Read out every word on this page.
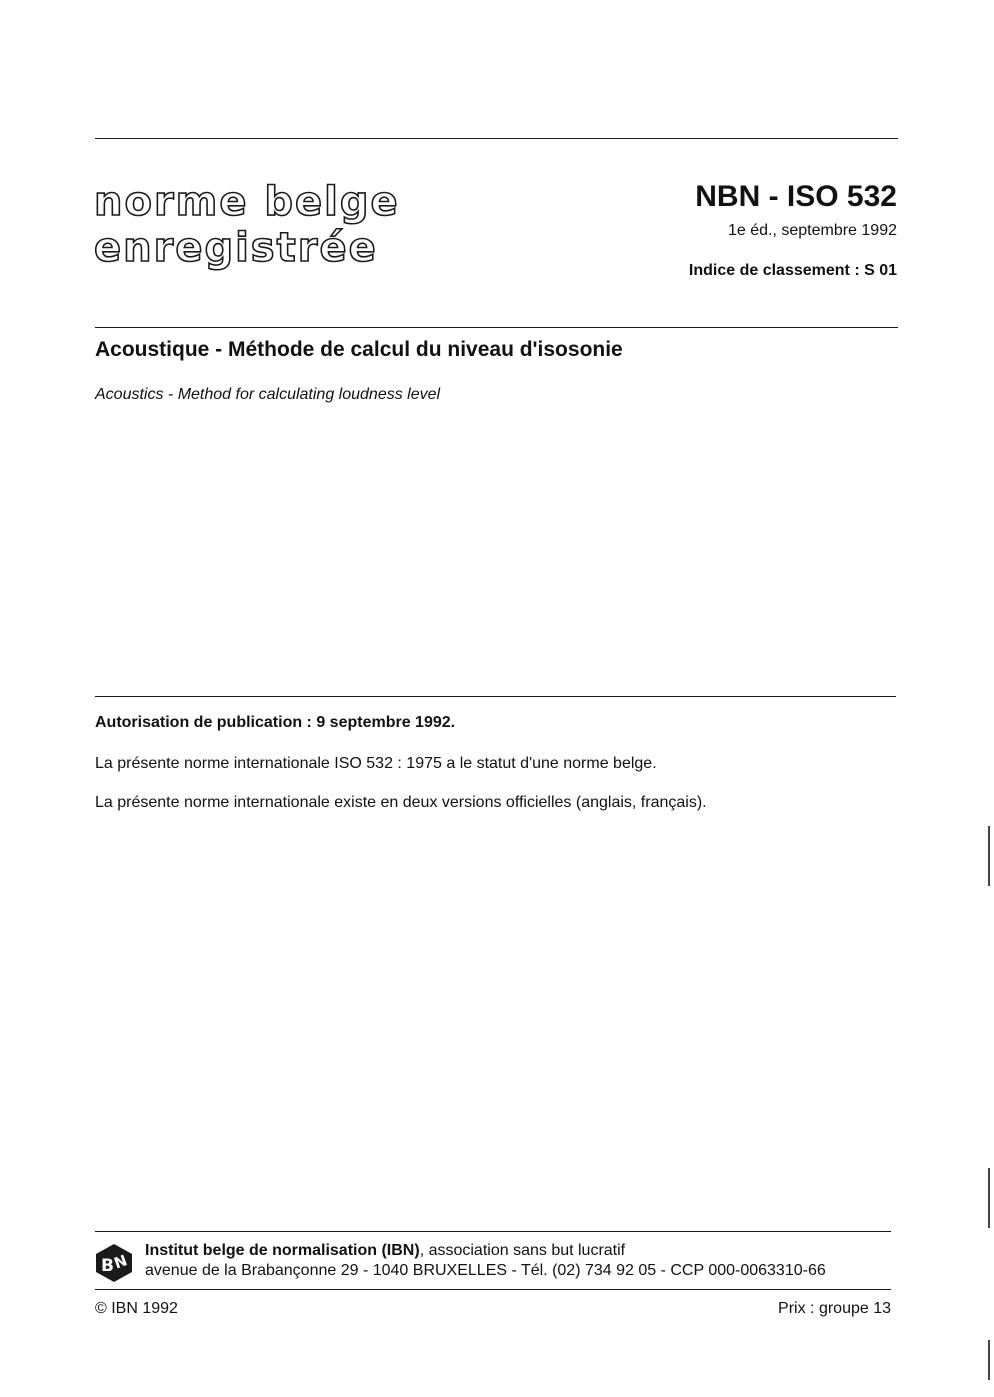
norme belge
enregistrée
NBN - ISO 532
1e éd., septembre 1992
Indice de classement : S 01
Acoustique - Méthode de calcul du niveau d'isosonie
Acoustics - Method for calculating loudness level
Autorisation de publication : 9 septembre 1992.
La présente norme internationale ISO 532 : 1975 a le statut d'une norme belge.
La présente norme internationale existe en deux versions officielles (anglais, français).
B
N
Institut belge de normalisation (IBN), association sans but lucratif
avenue de la Brabançonne 29 - 1040 BRUXELLES - Tél. (02) 734 92 05 - CCP 000-0063310-66
© IBN 1992	Prix : groupe 13
